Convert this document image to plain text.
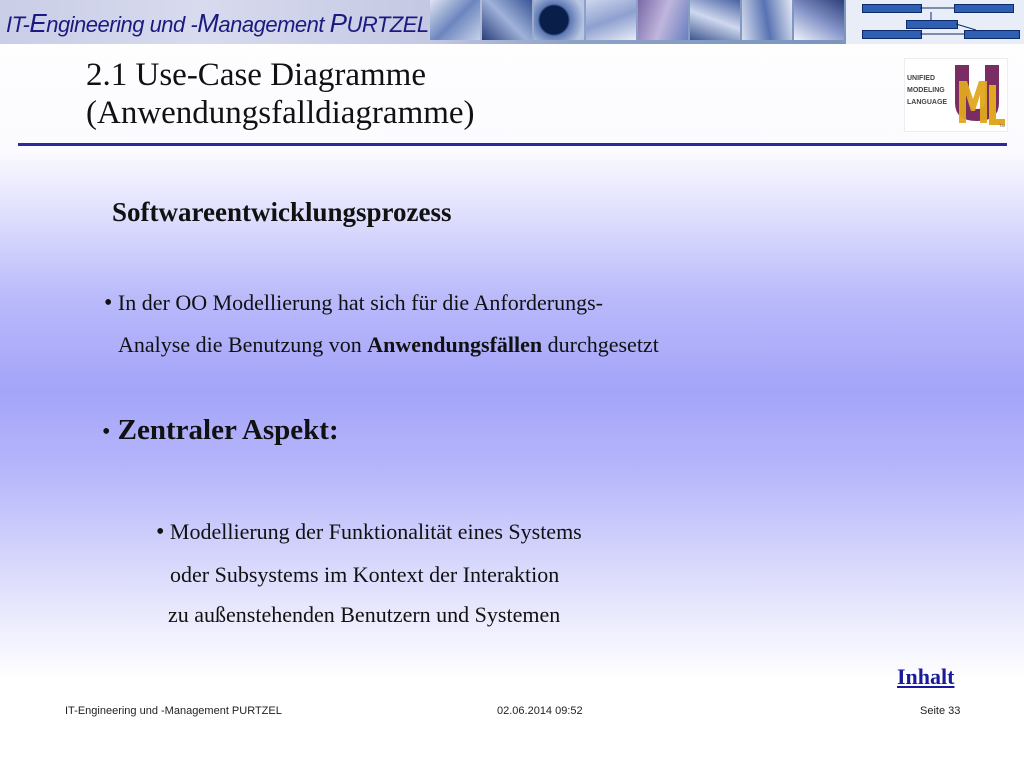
IT-Engineering und -Management PURTZEL
2.1 Use-Case Diagramme
(Anwendungsfalldiagramme)
UNIFIED
MODELING
LANGUAGE
TM
Softwareentwicklungsprozess
• In der OO Modellierung hat sich für die Anforderungs-
Analyse die Benutzung von Anwendungsfällen durchgesetzt
• Zentraler Aspekt:
• Modellierung der Funktionalität eines Systems
oder Subsystems im Kontext der Interaktion
zu außenstehenden Benutzern und Systemen
Inhalt
IT-Engineering und -Management PURTZEL	02.06.2014 09:52	Seite 33
